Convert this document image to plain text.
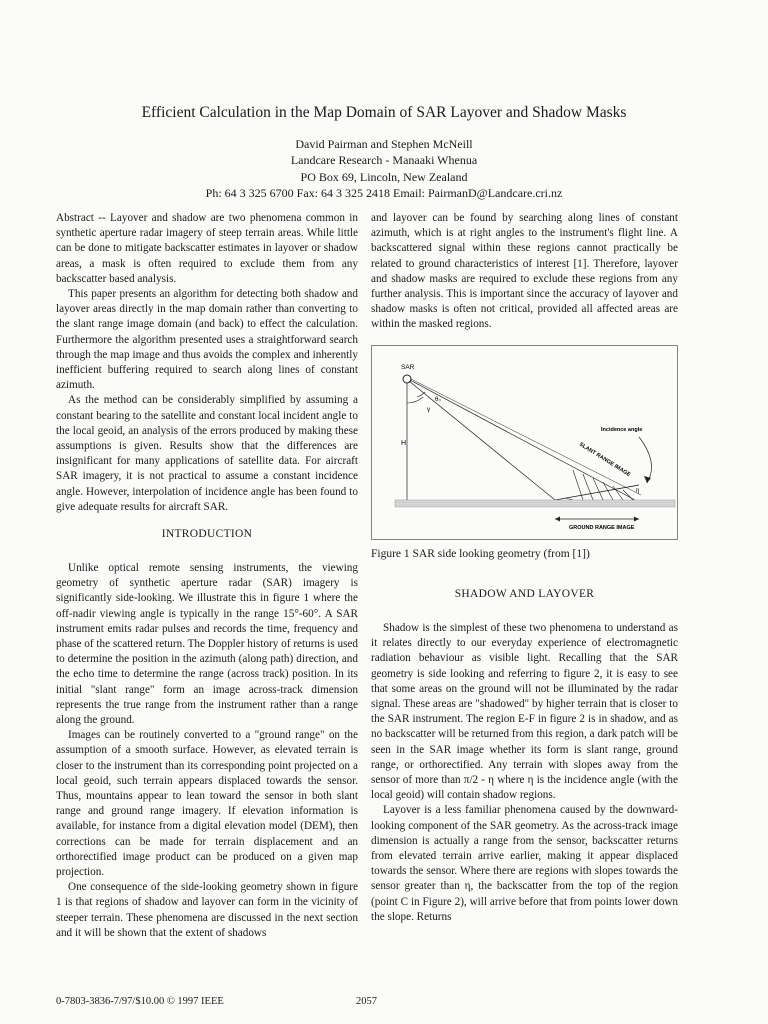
Efficient Calculation in the Map Domain of SAR Layover and Shadow Masks
David Pairman and Stephen McNeill
Landcare Research - Manaaki Whenua
PO Box 69, Lincoln, New Zealand
Ph: 64 3 325 6700 Fax: 64 3 325 2418 Email: PairmanD@Landcare.cri.nz

Abstract -- Layover and shadow are two phenomena common in synthetic aperture radar imagery of steep terrain areas. While little can be done to mitigate backscatter estimates in layover or shadow areas, a mask is often required to exclude them from any backscatter based analysis.

This paper presents an algorithm for detecting both shadow and layover areas directly in the map domain rather than converting to the slant range image domain (and back) to effect the calculation. Furthermore the algorithm presented uses a straightforward search through the map image and thus avoids the complex and inherently inefficient buffering required to search along lines of constant azimuth.

As the method can be considerably simplified by assuming a constant bearing to the satellite and constant local incident angle to the local geoid, an analysis of the errors produced by making these assumptions is given. Results show that the differences are insignificant for many applications of satellite data. For aircraft SAR imagery, it is not practical to assume a constant incidence angle. However, interpolation of incidence angle has been found to give adequate results for aircraft SAR.

INTRODUCTION

Unlike optical remote sensing instruments, the viewing geometry of synthetic aperture radar (SAR) imagery is significantly side-looking. We illustrate this in figure 1 where the off-nadir viewing angle is typically in the range 15°-60°. A SAR instrument emits radar pulses and records the time, frequency and phase of the scattered return. The Doppler history of returns is used to determine the position in the azimuth (along path) direction, and the echo time to determine the range (across track) position. In its initial "slant range" form an image across-track dimension represents the true range from the instrument rather than a range along the ground.

Images can be routinely converted to a "ground range" on the assumption of a smooth surface. However, as elevated terrain is closer to the instrument than its corresponding point projected on a local geoid, such terrain appears displaced towards the sensor. Thus, mountains appear to lean toward the sensor in both slant range and ground range imagery. If elevation information is available, for instance from a digital elevation model (DEM), then corrections can be made for terrain displacement and an orthorectified image product can be produced on a given map projection.

One consequence of the side-looking geometry shown in figure 1 is that regions of shadow and layover can form in the vicinity of steeper terrain. These phenomena are discussed in the next section and it will be shown that the extent of shadows

and layover can be found by searching along lines of constant azimuth, which is at right angles to the instrument's flight line. A backscattered signal within these regions cannot practically be related to ground characteristics of interest [1]. Therefore, layover and shadow masks are required to exclude these regions from any further analysis. This is important since the accuracy of layover and shadow masks is often not critical, provided all affected areas are within the masked regions.

SAR
H
γ
θ₀
Incidence angle
SLANT RANGE IMAGE
η
GROUND RANGE IMAGE
Figure 1 SAR side looking geometry (from [1])
SHADOW AND LAYOVER

Shadow is the simplest of these two phenomena to understand as it relates directly to our everyday experience of electromagnetic radiation behaviour as visible light. Recalling that the SAR geometry is side looking and referring to figure 2, it is easy to see that some areas on the ground will not be illuminated by the radar signal. These areas are "shadowed" by higher terrain that is closer to the SAR instrument. The region E-F in figure 2 is in shadow, and as no backscatter will be returned from this region, a dark patch will be seen in the SAR image whether its form is slant range, ground range, or orthorectified. Any terrain with slopes away from the sensor of more than π/2 - η where η is the incidence angle (with the local geoid) will contain shadow regions.

Layover is a less familiar phenomena caused by the downward-looking component of the SAR geometry. As the across-track image dimension is actually a range from the sensor, backscatter returns from elevated terrain arrive earlier, making it appear displaced towards the sensor. Where there are regions with slopes towards the sensor greater than η, the backscatter from the top of the region (point C in Figure 2), will arrive before that from points lower down the slope. Returns

0-7803-3836-7/97/$10.00 © 1997 IEEE	2057
